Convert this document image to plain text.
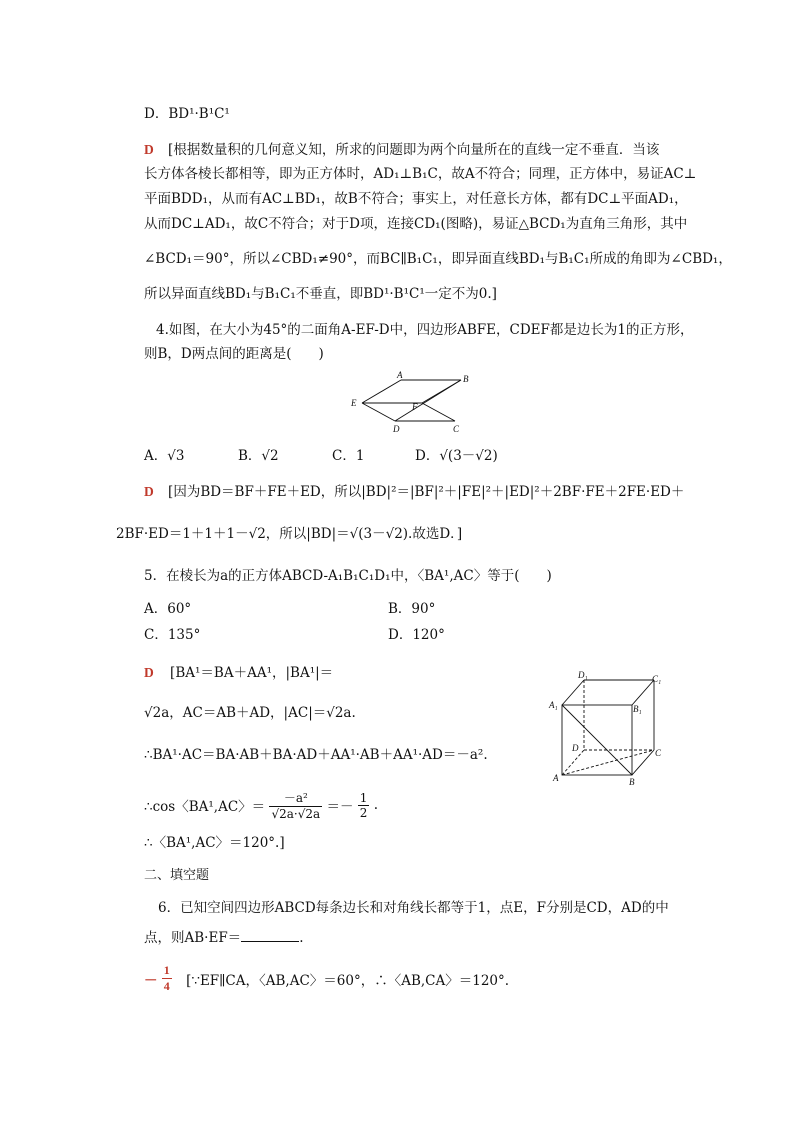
D．BD¹·B¹C¹
D [根据数量积的几何意义知，所求的问题即为两个向量所在的直线一定不垂直．当该
长方体各棱长都相等，即为正方体时，AD₁⊥B₁C，故A不符合；同理，正方体中，易证AC⊥
平面BDD₁，从而有AC⊥BD₁，故B不符合；事实上，对任意长方体，都有DC⊥平面AD₁，
从而DC⊥AD₁，故C不符合；对于D项，连接CD₁(图略)，易证△BCD₁为直角三角形，其中
∠BCD₁＝90°，所以∠CBD₁≠90°，而BC∥B₁C₁，即异面直线BD₁与B₁C₁所成的角即为∠CBD₁，
所以异面直线BD₁与B₁C₁不垂直，即BD¹·B¹C¹一定不为0.]
4.如图，在大小为45°的二面角A-EF-D中，四边形ABFE，CDEF都是边长为1的正方形，
则B，D两点间的距离是(　　)
A	B
E	F
D	C
A．√3	B．√2	C．1	D．√(3－√2)
D [因为BD＝BF＋FE＋ED，所以|BD|²＝|BF|²＋|FE|²＋|ED|²＋2BF·FE＋2FE·ED＋
2BF·ED＝1＋1＋1－√2，所以|BD|＝√(3－√2).故选D．]
5．在棱长为a的正方体ABCD-A₁B₁C₁D₁中，〈BA¹,AC〉等于(　　)
A．60°	B．90°
C．135°	D．120°
D [BA¹＝BA＋AA¹，|BA¹|＝
√2a，AC＝AB＋AD，|AC|＝√2a.
∴BA¹·AC＝BA·AB＋BA·AD＋AA¹·AB＋AA¹·AD＝－a².
∴cos〈BA¹,AC〉＝ $\frac{\text{－a²}}{√2a\cdot√2a} =- \frac{1}{2}$ .
∴〈BA¹,AC〉＝120°.]
D₁	C₁
A₁	B₁
D	C
A	B
二、填空题
6．已知空间四边形ABCD每条边长和对角线长都等于1，点E，F分别是CD，AD的中
点，则AB·EF＝	.
－ $\frac{1}{4}$ [∵EF∥CA，〈AB,AC〉＝60°，∴〈AB,CA〉＝120°.
